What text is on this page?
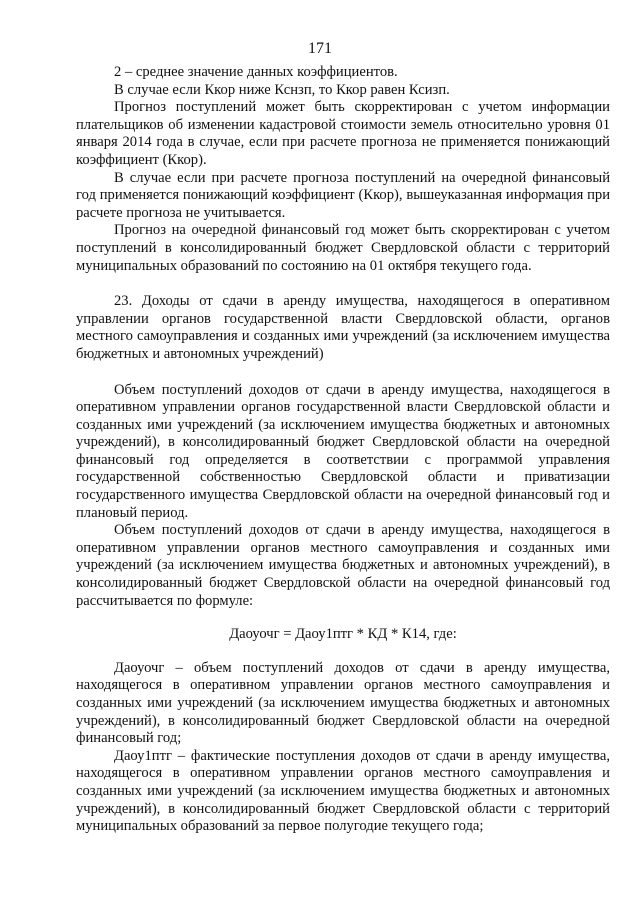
171

2 – среднее значение данных коэффициентов.

В случае если Ккор ниже Кснзп, то Ккор равен Ксизп.

Прогноз поступлений может быть скорректирован с учетом информации плательщиков об изменении кадастровой стоимости земель относительно уровня 01 января 2014 года в случае, если при расчете прогноза не применяется понижающий коэффициент (Ккор).

В случае если при расчете прогноза поступлений на очередной финансовый год применяется понижающий коэффициент (Ккор), вышеуказанная информация при расчете прогноза не учитывается.

Прогноз на очередной финансовый год может быть скорректирован с учетом поступлений в консолидированный бюджет Свердловской области с территорий муниципальных образований по состоянию на 01 октября текущего года.

23. Доходы от сдачи в аренду имущества, находящегося в оперативном управлении органов государственной власти Свердловской области, органов местного самоуправления и созданных ими учреждений (за исключением имущества бюджетных и автономных учреждений)

Объем поступлений доходов от сдачи в аренду имущества, находящегося в оперативном управлении органов государственной власти Свердловской области и созданных ими учреждений (за исключением имущества бюджетных и автономных учреждений), в консолидированный бюджет Свердловской области на очередной финансовый год определяется в соответствии с программой управления государственной собственностью Свердловской области и приватизации государственного имущества Свердловской области на очередной финансовый год и плановый период.

Объем поступлений доходов от сдачи в аренду имущества, находящегося в оперативном управлении органов местного самоуправления и созданных ими учреждений (за исключением имущества бюджетных и автономных учреждений), в консолидированный бюджет Свердловской области на очередной финансовый год рассчитывается по формуле:

Даоуочг = Даоу1птг * КД * К14, где:

Даоуочг – объем поступлений доходов от сдачи в аренду имущества, находящегося в оперативном управлении органов местного самоуправления и созданных ими учреждений (за исключением имущества бюджетных и автономных учреждений), в консолидированный бюджет Свердловской области на очередной финансовый год;

Даоу1птг – фактические поступления доходов от сдачи в аренду имущества, находящегося в оперативном управлении органов местного самоуправления и созданных ими учреждений (за исключением имущества бюджетных и автономных учреждений), в консолидированный бюджет Свердловской области с территорий муниципальных образований за первое полугодие текущего года;
